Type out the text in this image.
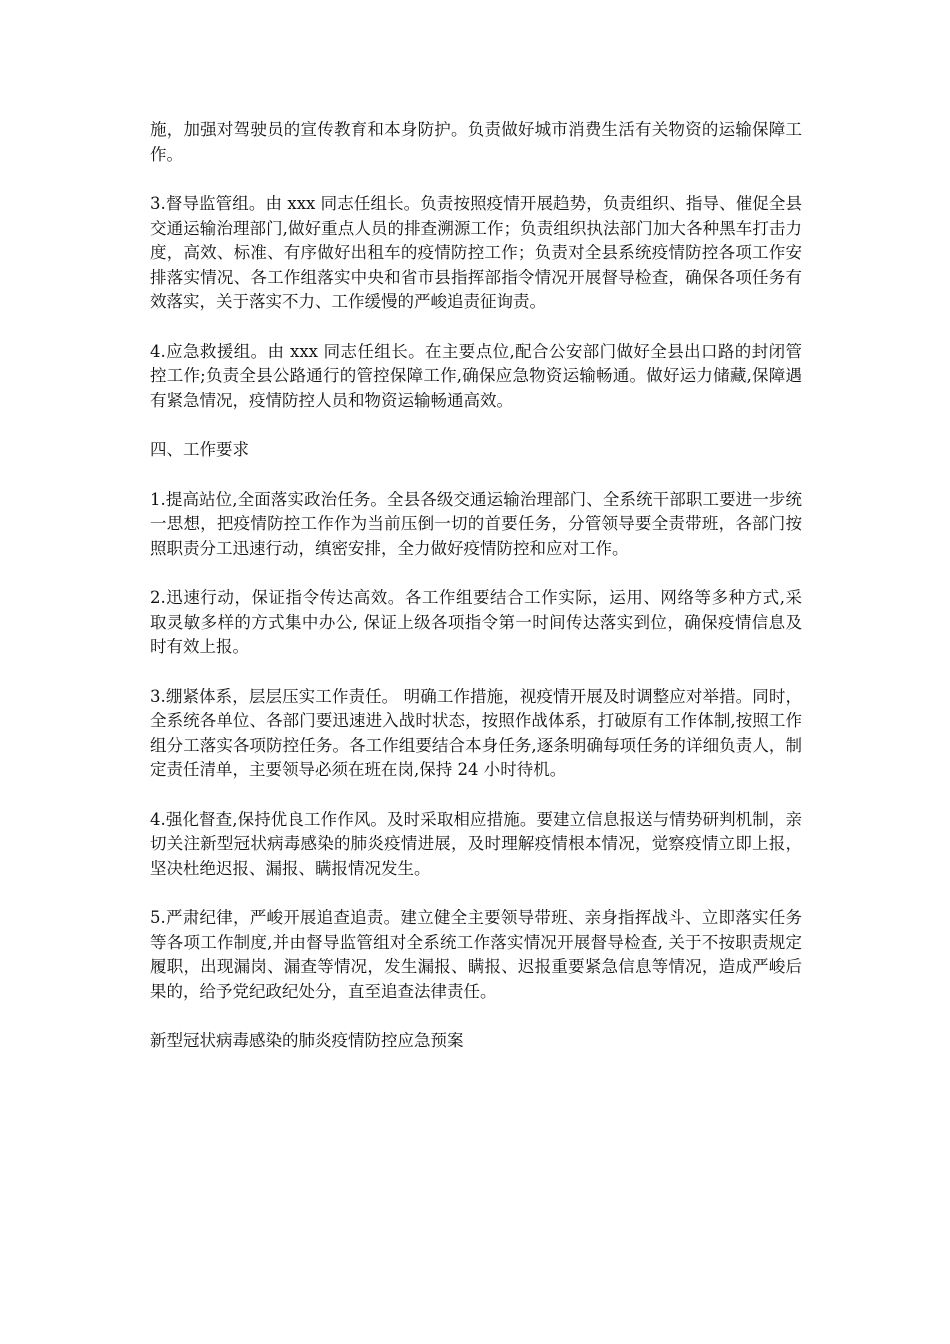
施，加强对驾驶员的宣传教育和本身防护。负责做好城市消费生活有关物资的运输保障工作。

3.督导监管组。由 xxx 同志任组长。负责按照疫情开展趋势，负责组织、指导、催促全县交通运输治理部门,做好重点人员的排查溯源工作；负责组织执法部门加大各种黑车打击力度，高效、标准、有序做好出租车的疫情防控工作；负责对全县系统疫情防控各项工作安排落实情况、各工作组落实中央和省市县指挥部指令情况开展督导检查，确保各项任务有效落实，关于落实不力、工作缓慢的严峻追责征询责。

4.应急救援组。由 xxx 同志任组长。在主要点位,配合公安部门做好全县出口路的封闭管控工作;负责全县公路通行的管控保障工作,确保应急物资运输畅通。做好运力储藏,保障遇有紧急情况，疫情防控人员和物资运输畅通高效。

四、工作要求

1.提高站位,全面落实政治任务。全县各级交通运输治理部门、全系统干部职工要进一步统一思想，把疫情防控工作作为当前压倒一切的首要任务，分管领导要全责带班，各部门按照职责分工迅速行动，缜密安排，全力做好疫情防控和应对工作。

2.迅速行动，保证指令传达高效。各工作组要结合工作实际，运用、网络等多种方式,采 取灵敏多样的方式集中办公, 保证上级各项指令第一时间传达落实到位，确保疫情信息及时有效上报。

3.绷紧体系，层层压实工作责任。 明确工作措施，视疫情开展及时调整应对举措。同时，全系统各单位、各部门要迅速进入战时状态，按照作战体系，打破原有工作体制,按照工作组分工落实各项防控任务。各工作组要结合本身任务,逐条明确每项任务的详细负责人，制定责任清单，主要领导必须在班在岗,保持 24 小时待机。

4.强化督查,保持优良工作作风。及时采取相应措施。要建立信息报送与情势研判机制，亲切关注新型冠状病毒感染的肺炎疫情进展，及时理解疫情根本情况，觉察疫情立即上报，坚决杜绝迟报、漏报、瞒报情况发生。

5.严肃纪律，严峻开展追查追责。建立健全主要领导带班、亲身指挥战斗、立即落实任务等各项工作制度,并由督导监管组对全系统工作落实情况开展督导检查, 关于不按职责规定履职，出现漏岗、漏查等情况，发生漏报、瞒报、迟报重要紧急信息等情况，造成严峻后果的，给予党纪政纪处分，直至追查法律责任。

新型冠状病毒感染的肺炎疫情防控应急预案
